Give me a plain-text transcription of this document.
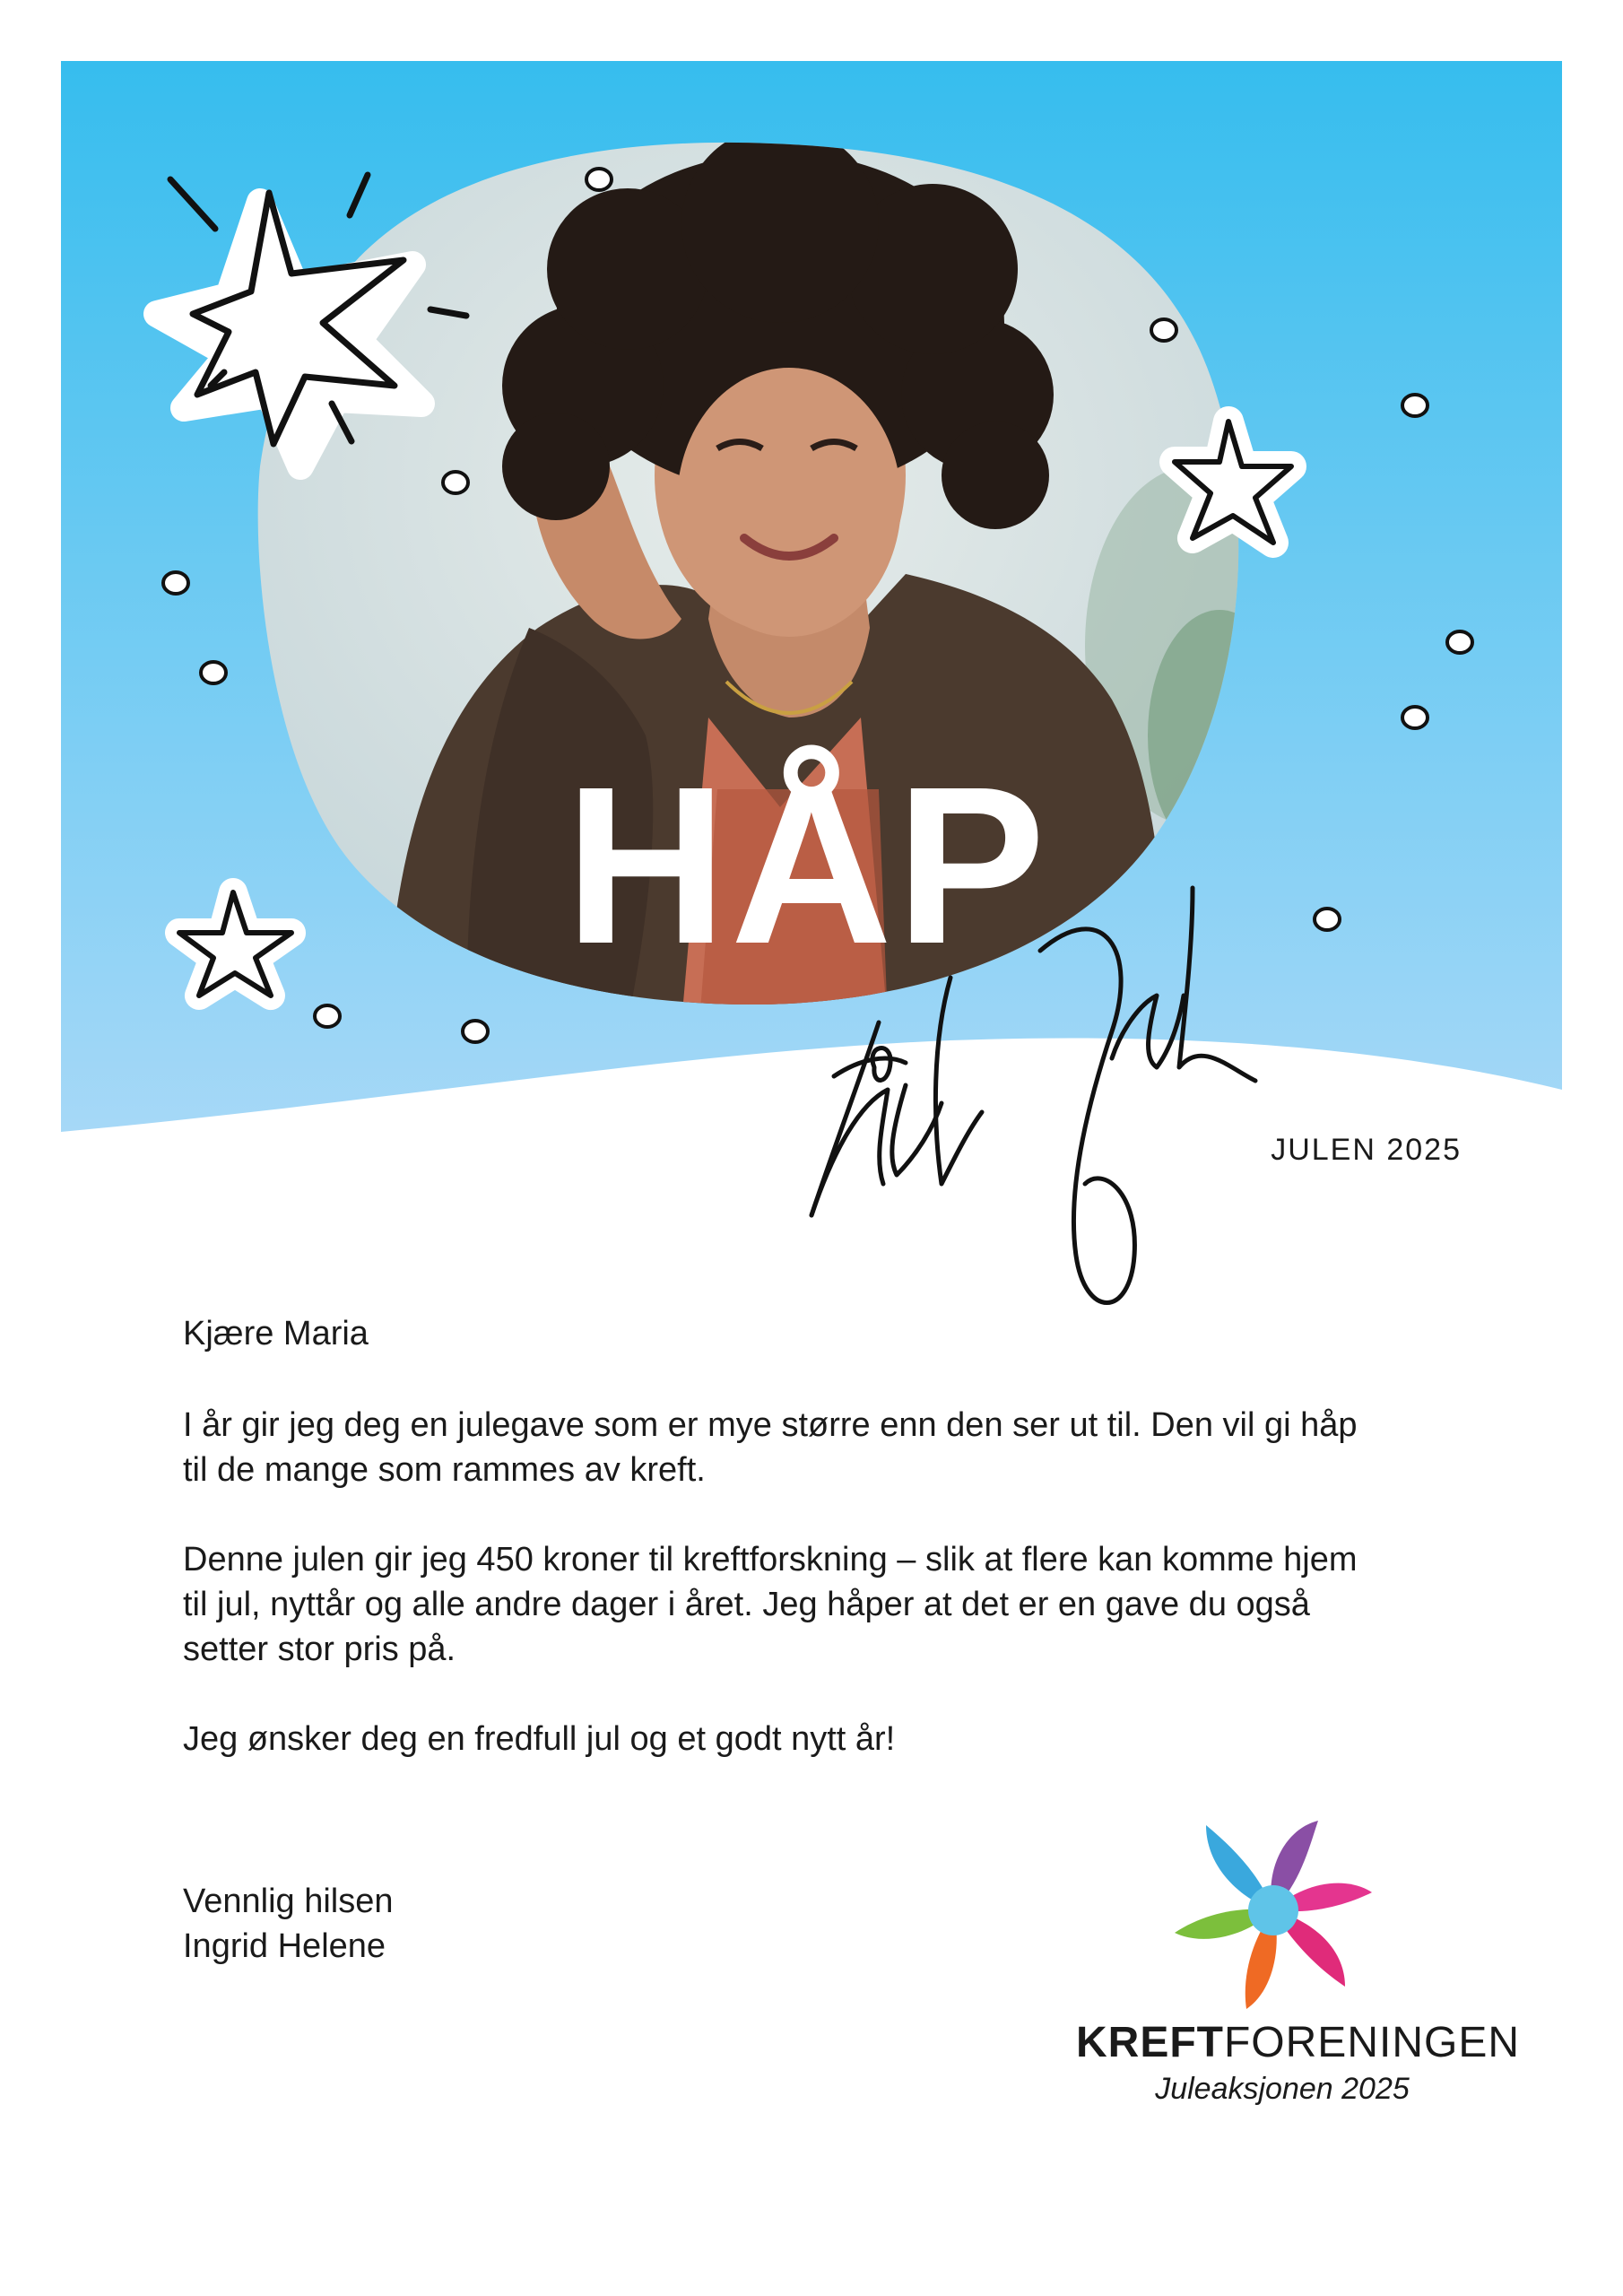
HÅP
JULEN 2025

Kjære Maria

I år gir jeg deg en julegave som er mye større enn den ser ut til. Den vil gi håp
til de mange som rammes av kreft.

Denne julen gir jeg 450 kroner til kreftforskning – slik at flere kan komme hjem
til jul, nyttår og alle andre dager i året. Jeg håper at det er en gave du også
setter stor pris på.

Jeg ønsker deg en fredfull jul og et godt nytt år!

Vennlig hilsen
Ingrid Helene
KREFTFORENINGEN
Juleaksjonen 2025
